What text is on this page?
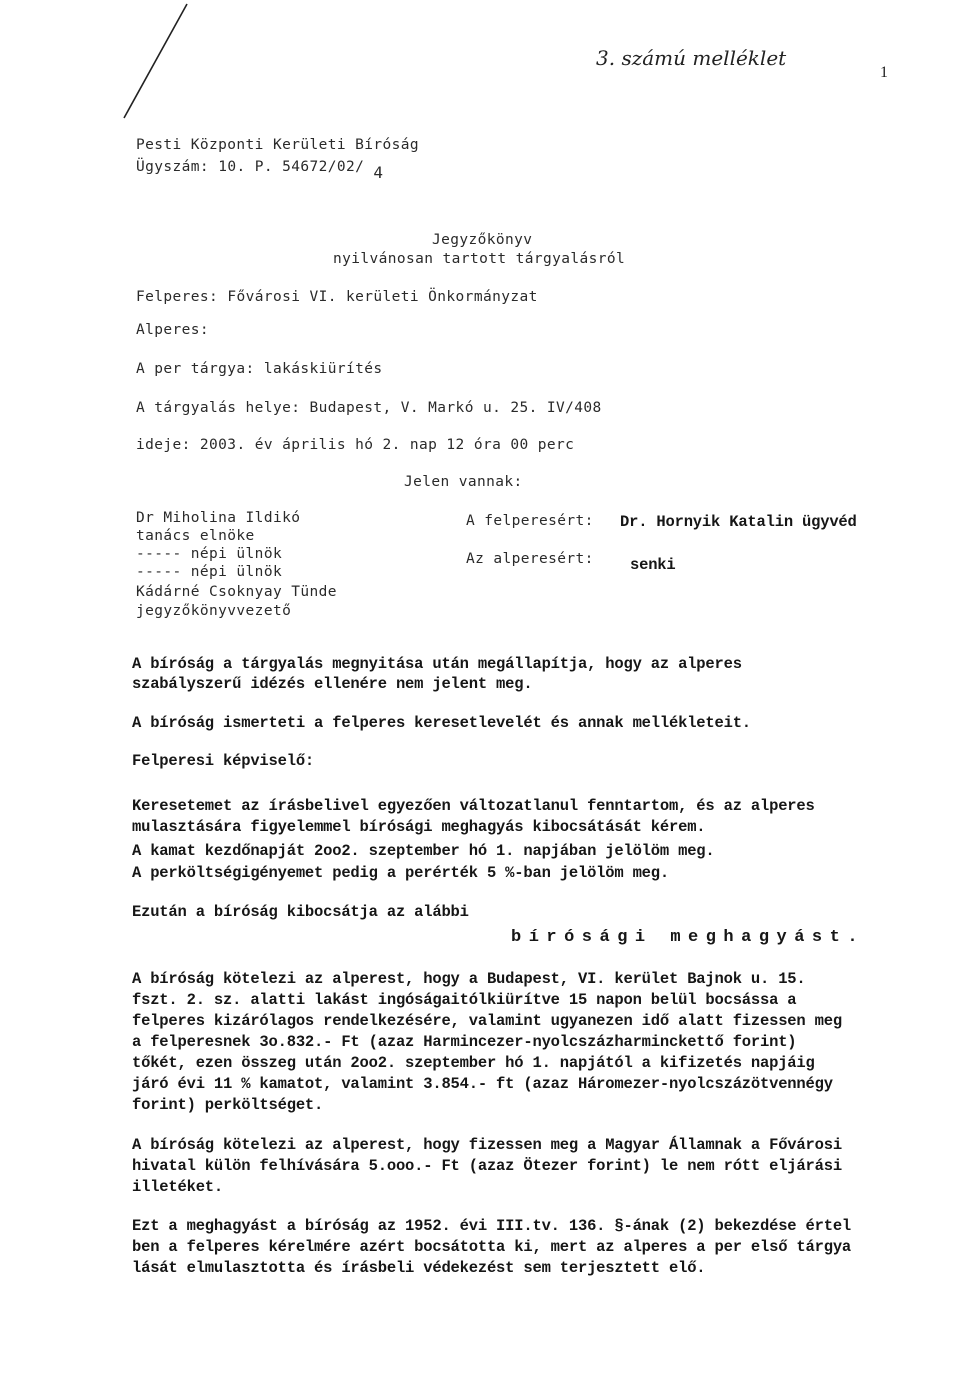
3. számú melléklet
1
Pesti Központi Kerületi Bíróság
Ügyszám: 10. P. 54672/02/ 4
Jegyzőkönyv
nyilvánosan tartott tárgyalásról
Felperes: Fővárosi VI. kerületi Önkormányzat
Alperes:
A per tárgya: lakáskiürítés
A tárgyalás helye: Budapest, V. Markó u. 25. IV/408
ideje: 2003. év április hó 2. nap 12 óra 00 perc
Jelen vannak:
Dr Miholina Ildikó
tanács elnöke
----- népi ülnök
----- népi ülnök
Kádárné Csoknyay Tünde
jegyzőkönyvvezető
A felperesért: Dr. Hornyik Katalin ügyvéd
Az alperesért: senki
A bíróság a tárgyalás megnyitása után megállapítja, hogy az alperes
szabályszerű idézés ellenére nem jelent meg.
A bíróság ismerteti a felperes keresetlevelét és annak mellékleteit.
Felperesi képviselő:
Keresetemet az írásbelivel egyezően változatlanul fenntartom, és az alperes
mulasztására figyelemmel bírósági meghagyás kibocsátását kérem.
A kamat kezdőnapját 2oo2. szeptember hó 1. napjában jelölöm meg.
A perköltségigényemet pedig a perérték 5 %-ban jelölöm meg.
Ezután a bíróság kibocsátja az alábbi
bírósági meghagyást.
A bíróság kötelezi az alperest, hogy a Budapest, VI. kerület Bajnok u. 15.
fszt. 2. sz. alatti lakást ingóságaitólkiürítve 15 napon belül bocsássa a
felperes kizárólagos rendelkezésére, valamint ugyanezen idő alatt fizessen meg
a felperesnek 3o.832.- Ft (azaz Harmincezer-nyolcszázharminckettő forint)
tőkét, ezen összeg után 2oo2. szeptember hó 1. napjától a kifizetés napjáig
járó évi 11 % kamatot, valamint 3.854.- ft (azaz Háromezer-nyolcszázötvennégy
forint) perköltséget.
A bíróság kötelezi az alperest, hogy fizessen meg a Magyar Államnak a Fővárosi
hivatal külön felhívására 5.ooo.- Ft (azaz Ötezer forint) le nem rótt eljárási
illetéket.
Ezt a meghagyást a bíróság az 1952. évi III.tv. 136. §-ának (2) bekezdése értel
ben a felperes kérelmére azért bocsátotta ki, mert az alperes a per első tárgya
lását elmulasztotta és írásbeli védekezést sem terjesztett elő.
